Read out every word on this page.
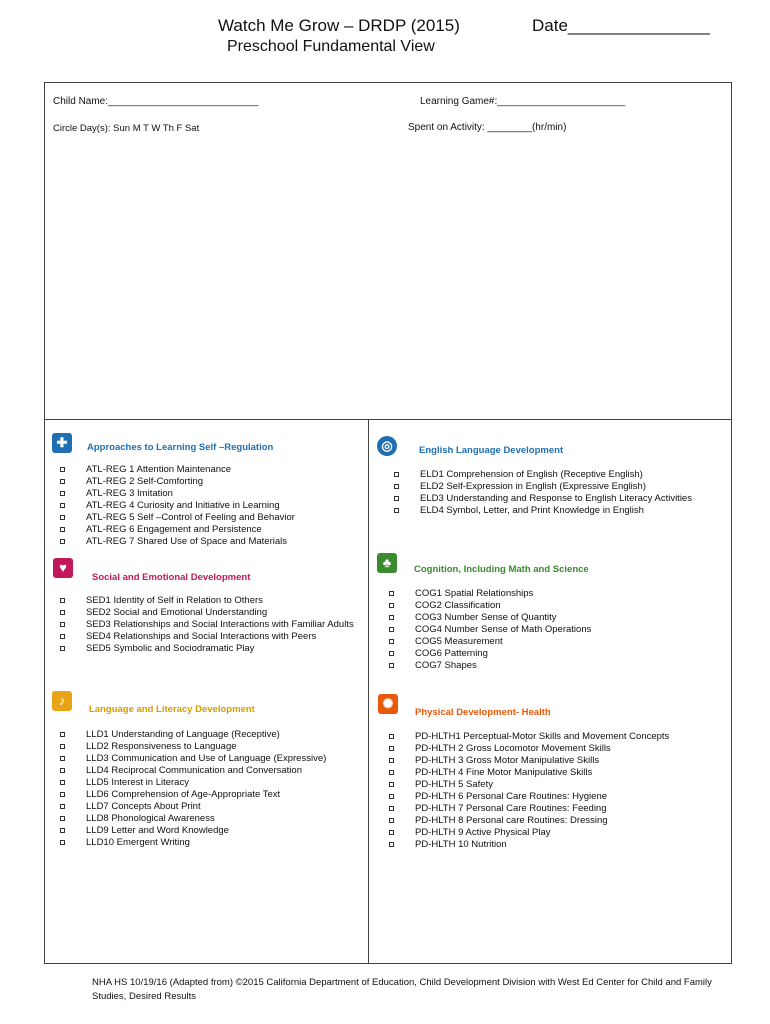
Watch Me Grow – DRDP (2015)	Date_______________
Preschool Fundamental View
Child Name:___________________________	Learning Game#:_______________________
Circle Day(s): Sun M T W Th F Sat	Spent on Activity: ________(hr/min)
✚	Approaches to Learning Self –Regulation
ATL-REG 1 Attention Maintenance
ATL-REG 2 Self-Comforting
ATL-REG 3 Imitation
ATL-REG 4 Curiosity and Initiative in Learning
ATL-REG 5 Self –Control of Feeling and Behavior
ATL-REG 6 Engagement and Persistence
ATL-REG 7 Shared Use of Space and Materials
◎	English Language Development
ELD1 Comprehension of English (Receptive English)
ELD2 Self-Expression in English (Expressive English)
ELD3 Understanding and Response to English Literacy Activities
ELD4 Symbol, Letter, and Print Knowledge in English
♥
Social and Emotional Development
SED1 Identity of Self in Relation to Others
SED2 Social and Emotional Understanding
SED3 Relationships and Social Interactions with Familiar Adults
SED4 Relationships and Social Interactions with Peers
SED5 Symbolic and Sociodramatic Play
♣	Cognition, Including Math and Science
COG1 Spatial Relationships
COG2 Classification
COG3 Number Sense of Quantity
COG4 Number Sense of Math Operations
COG5 Measurement
COG6 Patterning
COG7 Shapes
♪
Language and Literacy Development
LLD1 Understanding of Language (Receptive)
LLD2 Responsiveness to Language
LLD3 Communication and Use of Language (Expressive)
LLD4 Reciprocal Communication and Conversation
LLD5 Interest in Literacy
LLD6 Comprehension of Age-Appropriate Text
LLD7 Concepts About Print
LLD8 Phonological Awareness
LLD9 Letter and Word Knowledge
LLD10 Emergent Writing
✺
Physical Development- Health
PD-HLTH1 Perceptual-Motor Skills and Movement Concepts
PD-HLTH 2 Gross Locomotor Movement Skills
PD-HLTH 3 Gross Motor Manipulative Skills
PD-HLTH 4 Fine Motor Manipulative Skills
PD-HLTH 5 Safety
PD-HLTH 6 Personal Care Routines: Hygiene
PD-HLTH 7 Personal Care Routines: Feeding
PD-HLTH 8 Personal care Routines: Dressing
PD-HLTH 9 Active Physical Play
PD-HLTH 10 Nutrition
NHA HS 10/19/16 (Adapted from) ©2015 California Department of Education, Child Development Division with West Ed Center for Child and Family Studies, Desired Results
